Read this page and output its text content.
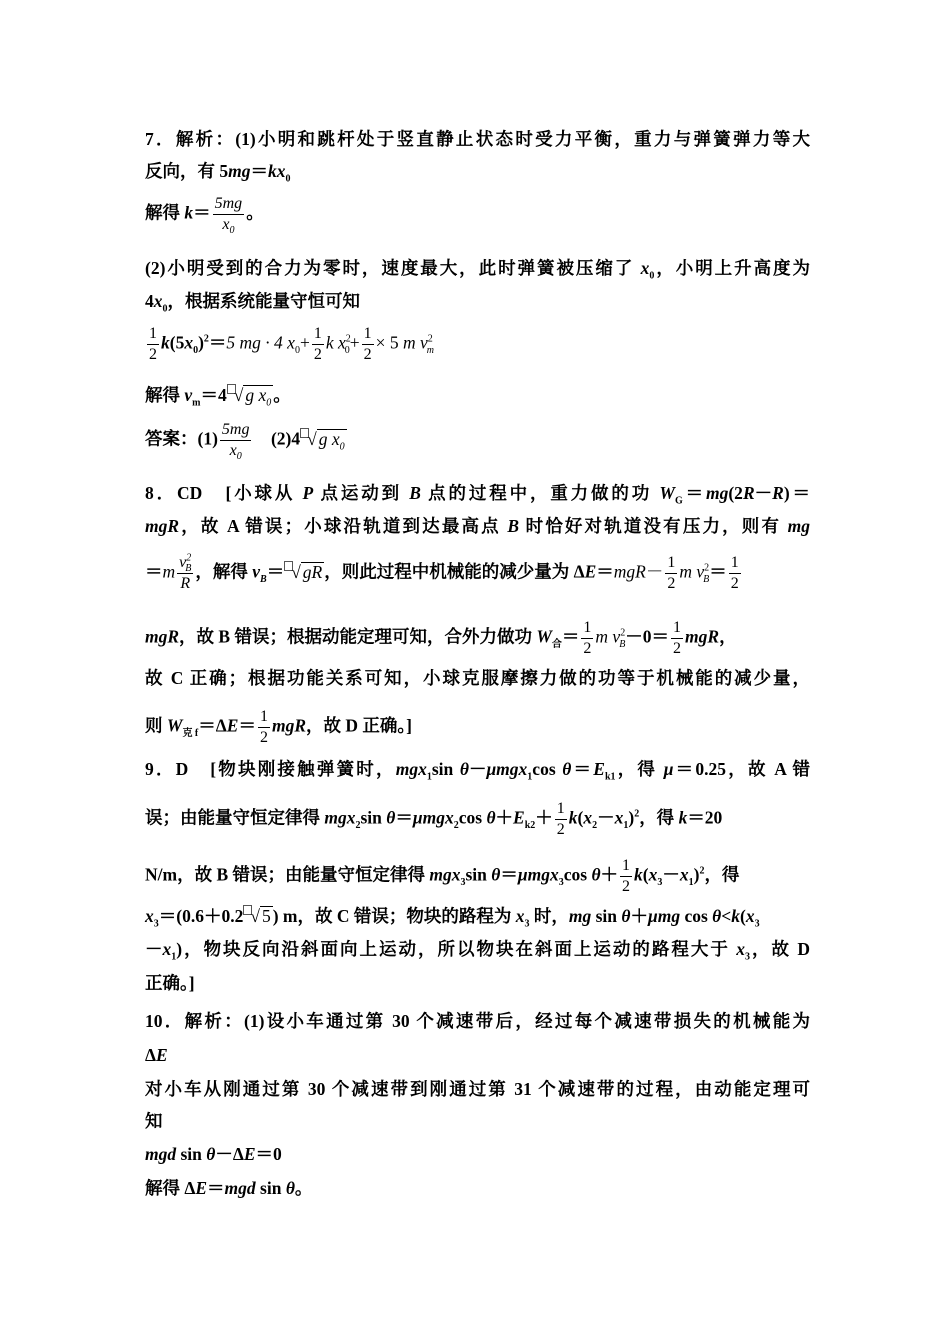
7．解析：(1)小明和跳杆处于竖直静止状态时受力平衡，重力与弹簧弹力等大
反向，有 $5mg=kx_0$
解得 $k= \frac{5mg}{x_0}$ 。
(2)小明受到的合力为零时，速度最大，此时弹簧被压缩了 $x_0$，小明上升高度为
$4x_0$，根据系统能量守恒可知
$\frac{1}{2} k(5x_0)^2=5$ mg · 4 $x_0+ \frac{1}{2}$ k $x^2_0+ \frac{1}{2} \times 5$ m $v^2_m$
解得 $v_m=4$ √ g $x_0$ 。
答案：$(1) \frac{5mg}{x_0}$ 　(2)4 √ g $x_0$
8．CD　[小球从 P 点运动到 B 点的过程中，重力做的功 $W_G=mg(2R-R)=$
mgR，故 A 错误；小球沿轨道到达最高点 B 时恰好对轨道没有压力，则有 mg
$=m \frac{v^2_B}{R}$ ，解得 $v_B=$ √ gR ，则此过程中机械能的减少量为 $\Delta E=mgR- \frac{1}{2}$ m $v^2_B= \frac{1}{2}$
mgR，故 B 错误；根据动能定理可知，合外力做功 $W_合= \frac{1}{2}$ m $v^2_B-0= \frac{1}{2}$ mgR，
故 C 正确；根据功能关系可知，小球克服摩擦力做的功等于机械能的减少量，
则 $W_{克 f}=\Delta E= \frac{1}{2}$ mgR，故 D 正确。]
9．D　[物块刚接触弹簧时，mgx$_1$sin θ－μmgx$_1$cos $\theta=E_{k1}$，得 μ＝0.25，故 A 错
误；由能量守恒定律得 mgx$_2$sin θ＝μmgx$_2$cos $\theta+E_{k2}+ \frac{1}{2} k(x_2-x_1)^2$，得 k＝20
N/m，故 B 错误；由能量守恒定律得 mgx$_3$sin θ＝μmgx$_3$cos $\theta+ \frac{1}{2} k(x_3-x_1)^2$，得
$x_3=(0.6+0.2$ √ 5 ) m，故 C 错误；物块的路程为 $x_3$ 时，mg sin θ＋μmg $\cos \theta<k(x_3$
$-x_1$)，物块反向沿斜面向上运动，所以物块在斜面上运动的路程大于 $x_3$，故 D
正确。]
10．解析：(1)设小车通过第 30 个减速带后，经过每个减速带损失的机械能为
ΔE
对小车从刚通过第 30 个减速带到刚通过第 31 个减速带的过程，由动能定理可
知
mgd sin θ－ΔE＝0
解得 ΔE＝mgd sin θ。
